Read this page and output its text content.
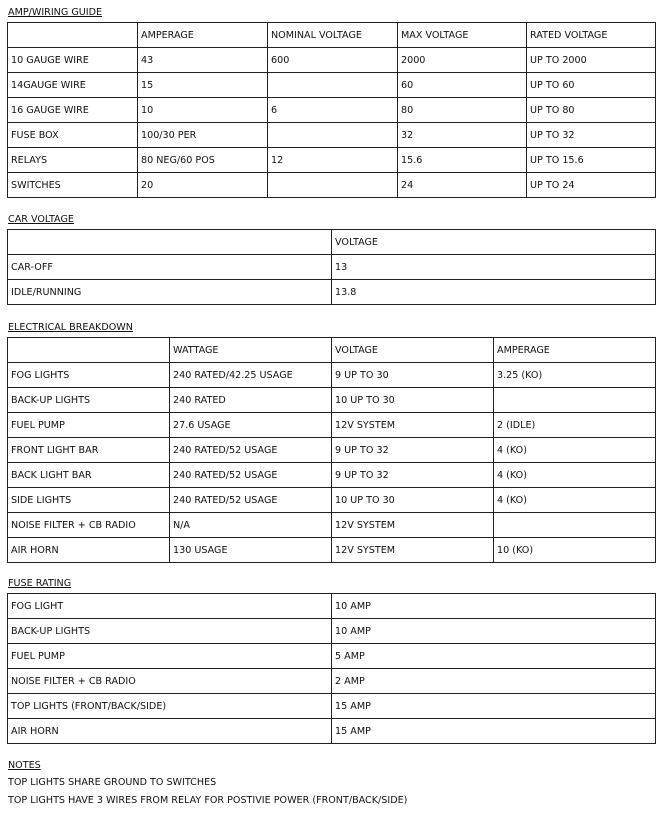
AMP/WIRING GUIDE
	AMPERAGE	NOMINAL VOLTAGE	MAX VOLTAGE	RATED VOLTAGE
10 GAUGE WIRE	43	600	2000	UP TO 2000
14GAUGE WIRE	15		60	UP TO 60
16 GAUGE WIRE	10	6	80	UP TO 80
FUSE BOX	100/30 PER		32	UP TO 32
RELAYS	80 NEG/60 POS	12	15.6	UP TO 15.6
SWITCHES	20		24	UP TO 24
CAR VOLTAGE
	VOLTAGE
CAR-OFF	13
IDLE/RUNNING	13.8
ELECTRICAL BREAKDOWN
	WATTAGE	VOLTAGE	AMPERAGE
FOG LIGHTS	240 RATED/42.25 USAGE	9 UP TO 30	3.25 (KO)
BACK-UP LIGHTS	240 RATED	10 UP TO 30	
FUEL PUMP	27.6 USAGE	12V SYSTEM	2 (IDLE)
FRONT LIGHT BAR	240 RATED/52 USAGE	9 UP TO 32	4 (KO)
BACK LIGHT BAR	240 RATED/52 USAGE	9 UP TO 32	4 (KO)
SIDE LIGHTS	240 RATED/52 USAGE	10 UP TO 30	4 (KO)
NOISE FILTER + CB RADIO	N/A	12V SYSTEM	
AIR HORN	130 USAGE	12V SYSTEM	10 (KO)
FUSE RATING
FOG LIGHT	10 AMP
BACK-UP LIGHTS	10 AMP
FUEL PUMP	5 AMP
NOISE FILTER + CB RADIO	2 AMP
TOP LIGHTS (FRONT/BACK/SIDE)	15 AMP
AIR HORN	15 AMP
NOTES
TOP LIGHTS SHARE GROUND TO SWITCHES
TOP LIGHTS HAVE 3 WIRES FROM RELAY FOR POSTIVIE POWER (FRONT/BACK/SIDE)
